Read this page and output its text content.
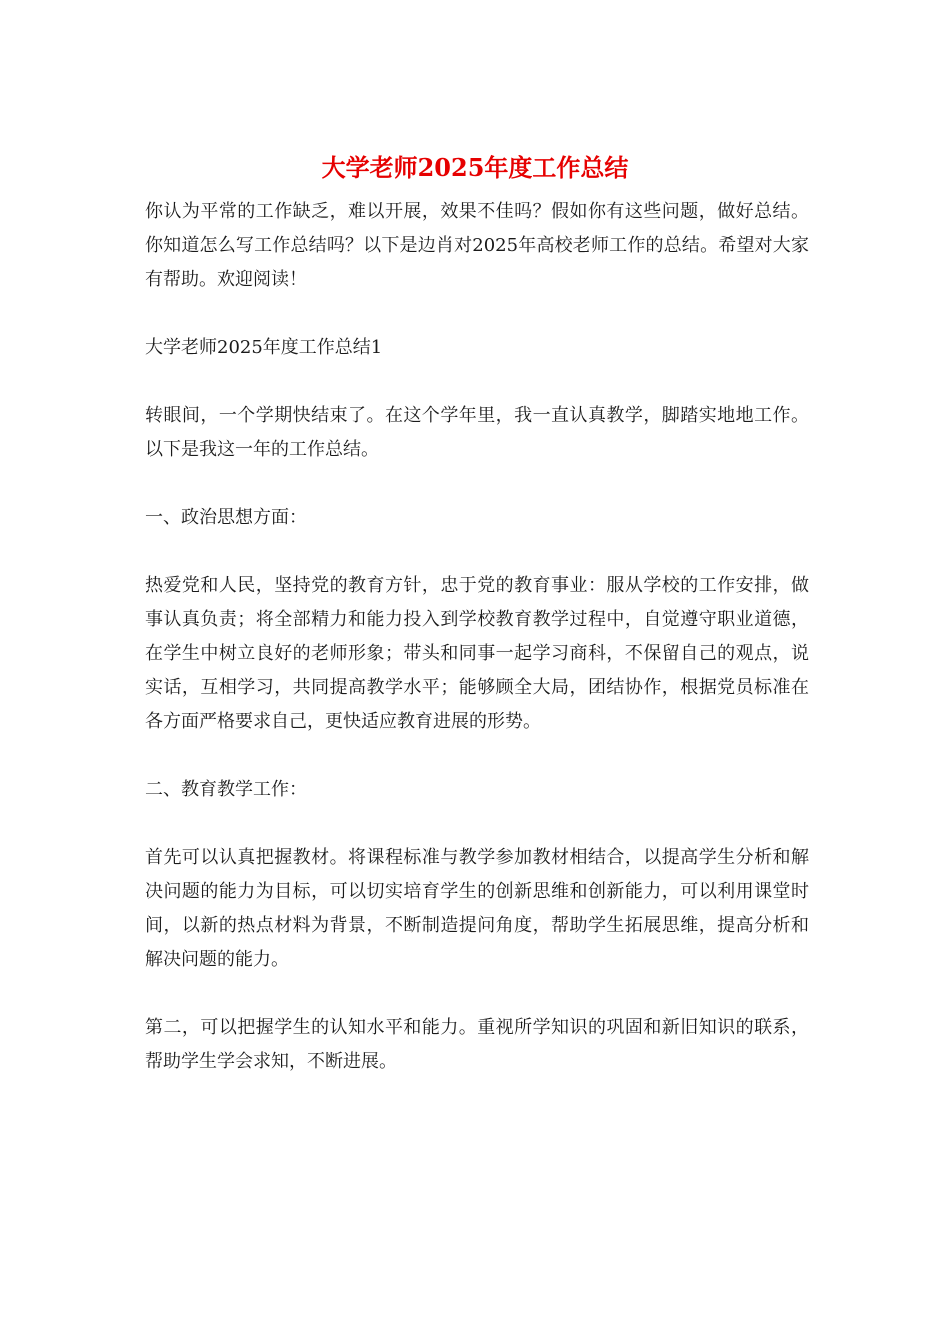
大学老师2025年度工作总结

你认为平常的工作缺乏，难以开展，效果不佳吗？假如你有这些问题，做好总结。你知道怎么写工作总结吗？以下是边肖对2025年高校老师工作的总结。希望对大家有帮助。欢迎阅读！

大学老师2025年度工作总结1

转眼间，一个学期快结束了。在这个学年里，我一直认真教学，脚踏实地地工作。以下是我这一年的工作总结。

一、政治思想方面：

热爱党和人民，坚持党的教育方针，忠于党的教育事业：服从学校的工作安排，做事认真负责；将全部精力和能力投入到学校教育教学过程中，自觉遵守职业道德，在学生中树立良好的老师形象；带头和同事一起学习商科，不保留自己的观点，说实话，互相学习，共同提高教学水平；能够顾全大局，团结协作，根据党员标准在各方面严格要求自己，更快适应教育进展的形势。

二、教育教学工作：

首先可以认真把握教材。将课程标准与教学参加教材相结合，以提高学生分析和解决问题的能力为目标，可以切实培育学生的创新思维和创新能力，可以利用课堂时间，以新的热点材料为背景，不断制造提问角度，帮助学生拓展思维，提高分析和解决问题的能力。

第二，可以把握学生的认知水平和能力。重视所学知识的巩固和新旧知识的联系，帮助学生学会求知，不断进展。
